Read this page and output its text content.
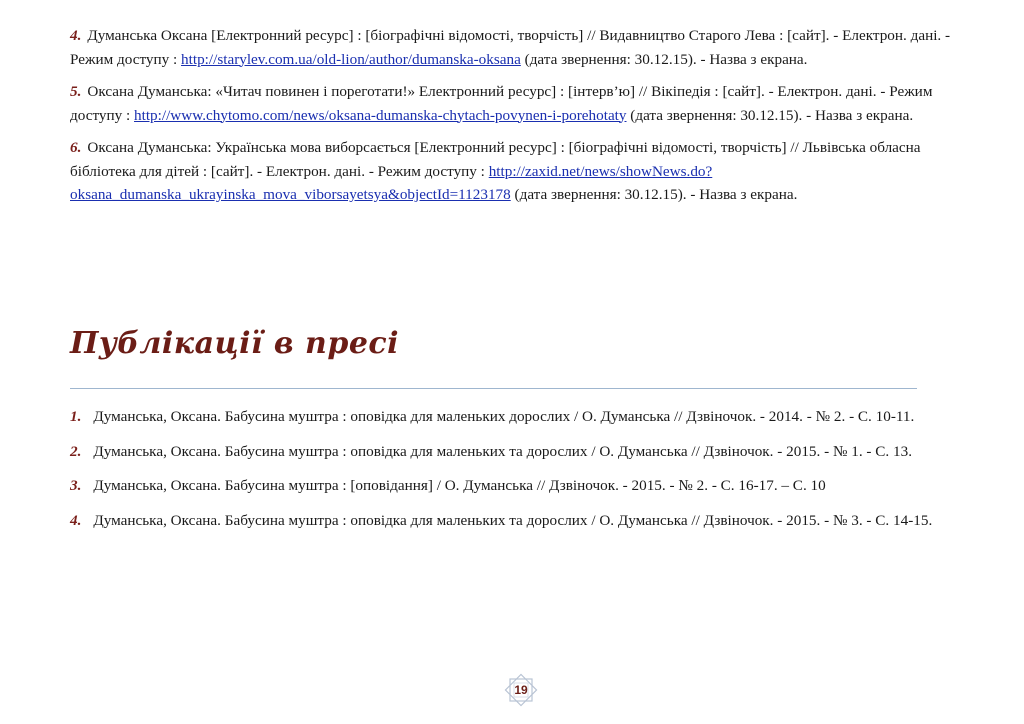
4. Думанська Оксана [Електронний ресурс] : [біографічні відомості, творчість] // Видавництво Старого Лева : [сайт]. - Електрон. дані. - Режим доступу : http://starylev.com.ua/old-lion/author/dumanska-oksana (дата звернення: 30.12.15). - Назва з екрана.

5. Оксана Думанська: «Читач повинен і пореготати!» Електронний ресурс] : [інтерв’ю] // Вікіпедія : [сайт]. - Електрон. дані. - Режим доступу : http://www.chytomo.com/news/oksana-dumanska-chytach-povynen-i-porehotaty (дата звернення: 30.12.15). - Назва з екрана.

6. Оксана Думанська: Українська мова виборсається [Електронний ресурс] : [біографічні відомості, творчість] // Львівська обласна бібліотека для дітей : [сайт]. - Електрон. дані. - Режим доступу : http://zaxid.net/news/showNews.do?oksana_dumanska_ukrayinska_mova_viborsayetsya&objectId=1123178 (дата звернення: 30.12.15). - Назва з екрана.

Публікації в пресі

1. Думанська, Оксана. Бабусина муштра : оповідка для маленьких дорослих / О. Думанська // Дзвіночок. - 2014. - № 2. - С. 10-11.

2. Думанська, Оксана. Бабусина муштра : оповідка для маленьких та дорослих / О. Думанська // Дзвіночок. - 2015. - № 1. - С. 13.

3. Думанська, Оксана. Бабусина муштра : [оповідання] / О. Думанська // Дзвіночок. - 2015. - № 2. - С. 16-17. – С. 10

4. Думанська, Оксана. Бабусина муштра : оповідка для маленьких та дорослих / О. Думанська // Дзвіночок. - 2015. - № 3. - С. 14-15.

19
